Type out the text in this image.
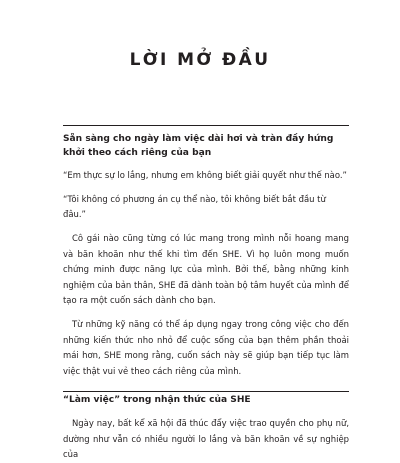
LỜI MỞ ĐẦU
Sẵn sàng cho ngày làm việc dài hơi và tràn đầy hứng khởi theo cách riêng của bạn

“Em thực sự lo lắng, nhưng em không biết giải quyết như thế nào.”

“Tôi không có phương án cụ thể nào, tôi không biết bắt đầu từ đâu.”

Cô gái nào cũng từng có lúc mang trong mình nỗi hoang mang và băn khoăn như thế khi tìm đến SHE. Vì họ luôn mong muốn chứng minh được năng lực của mình. Bởi thế, bằng những kinh nghiệm của bản thân, SHE đã dành toàn bộ tâm huyết của mình để tạo ra một cuốn sách dành cho bạn.

Từ những kỹ năng có thể áp dụng ngay trong công việc cho đến những kiến thức nho nhỏ để cuộc sống của bạn thêm phần thoải mái hơn, SHE mong rằng, cuốn sách này sẽ giúp bạn tiếp tục làm việc thật vui vẻ theo cách riêng của mình.

“Làm việc” trong nhận thức của SHE

Ngày nay, bất kể xã hội đã thúc đẩy việc trao quyền cho phụ nữ, dường như vẫn có nhiều người lo lắng và băn khoăn về sự nghiệp của
